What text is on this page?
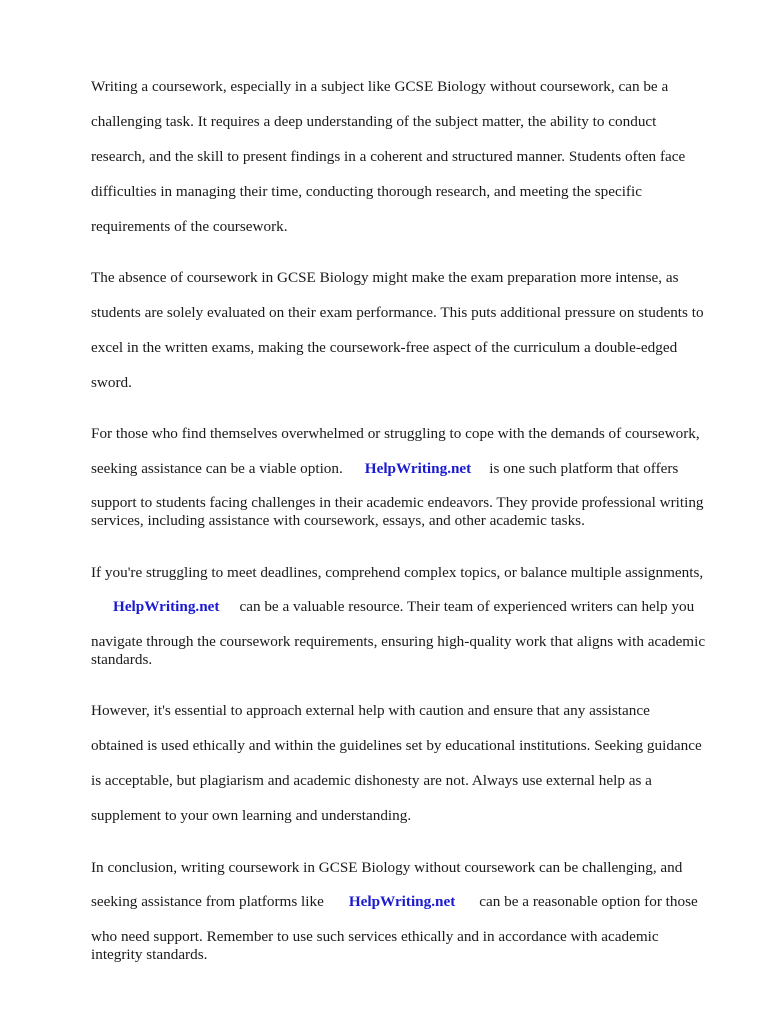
Writing a coursework, especially in a subject like GCSE Biology without coursework, can be a

challenging task. It requires a deep understanding of the subject matter, the ability to conduct

research, and the skill to present findings in a coherent and structured manner. Students often face

difficulties in managing their time, conducting thorough research, and meeting the specific

requirements of the coursework.

The absence of coursework in GCSE Biology might make the exam preparation more intense, as

students are solely evaluated on their exam performance. This puts additional pressure on students to

excel in the written exams, making the coursework-free aspect of the curriculum a double-edged

sword.

For those who find themselves overwhelmed or struggling to cope with the demands of coursework,

seeking assistance can be a viable option. HelpWriting.net is one such platform that offers

support to students facing challenges in their academic endeavors. They provide professional writing
services, including assistance with coursework, essays, and other academic tasks.

If you're struggling to meet deadlines, comprehend complex topics, or balance multiple assignments,

HelpWriting.net can be a valuable resource. Their team of experienced writers can help you

navigate through the coursework requirements, ensuring high-quality work that aligns with academic
standards.

However, it's essential to approach external help with caution and ensure that any assistance

obtained is used ethically and within the guidelines set by educational institutions. Seeking guidance

is acceptable, but plagiarism and academic dishonesty are not. Always use external help as a

supplement to your own learning and understanding.

In conclusion, writing coursework in GCSE Biology without coursework can be challenging, and

seeking assistance from platforms like HelpWriting.net can be a reasonable option for those

who need support. Remember to use such services ethically and in accordance with academic
integrity standards.
